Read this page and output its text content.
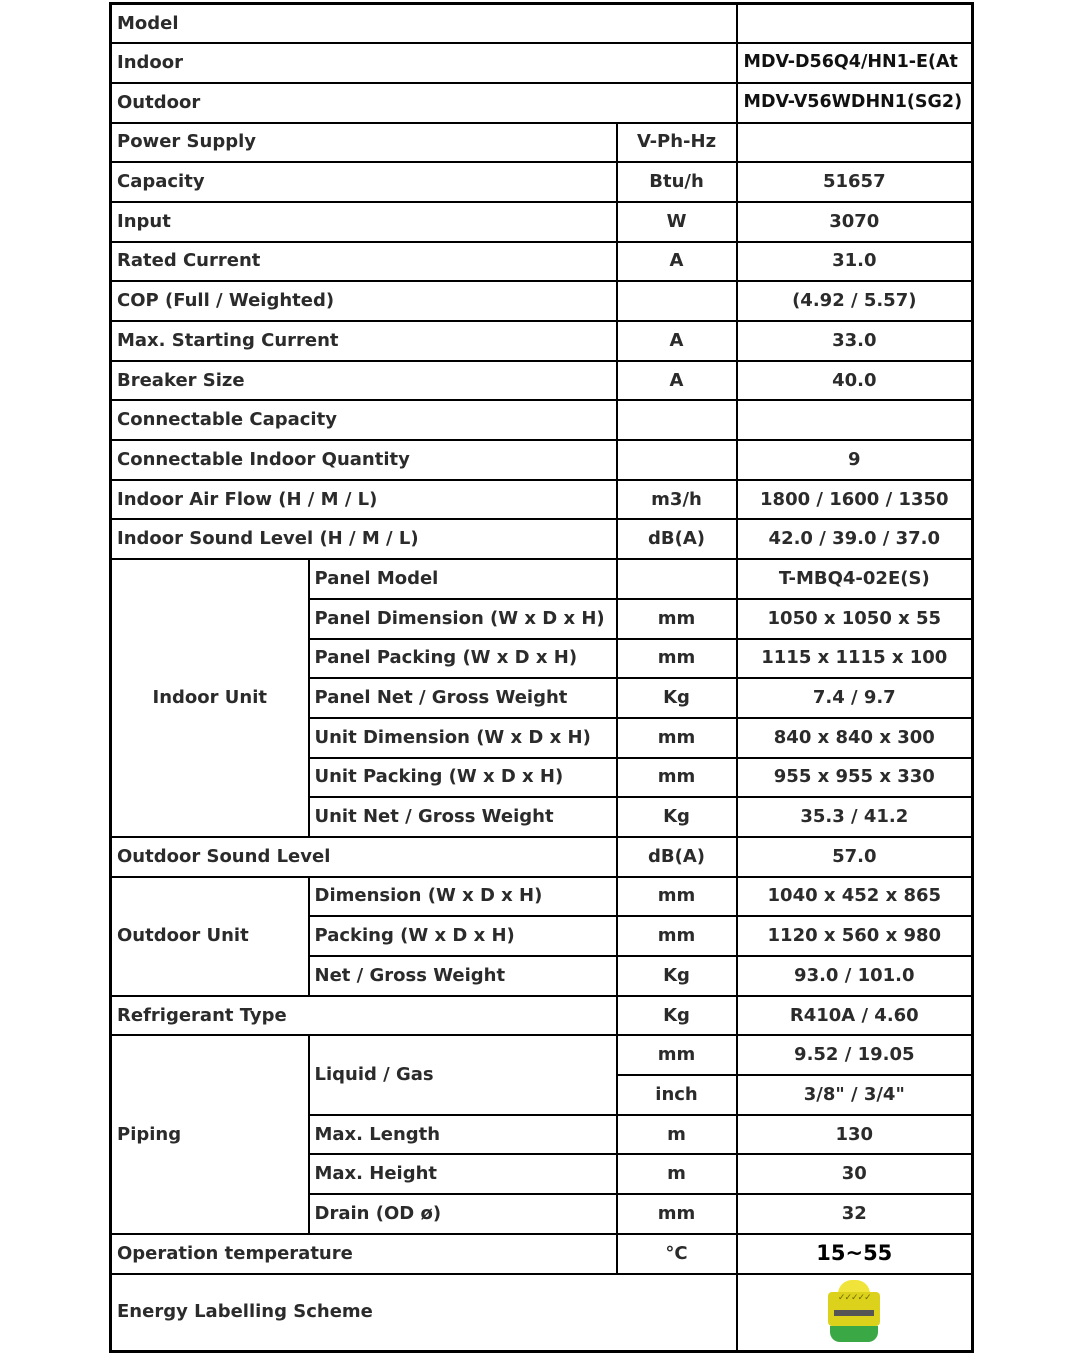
Model			
Indoor			MDV-D56Q4/HN1-E(At
Outdoor			MDV-V56WDHN1(SG2)
Power Supply		V-Ph-Hz	
Capacity		Btu/h	51657
Input		W	3070
Rated Current		A	31.0
COP (Full / Weighted)			(4.92 / 5.57)
Max. Starting Current		A	33.0
Breaker Size		A	40.0
Connectable Capacity			
Connectable Indoor Quantity			9
Indoor Air Flow (H / M / L)		m3/h	1800 / 1600 / 1350
Indoor Sound Level (H / M / L)		dB(A)	42.0 / 39.0 / 37.0
Indoor Unit	Panel Model		T-MBQ4-02E(S)
	Panel Dimension (W x D x H)	mm	1050 x 1050 x 55
	Panel Packing (W x D x H)	mm	1115 x 1115 x 100
	Panel Net / Gross Weight	Kg	7.4 / 9.7
	Unit Dimension (W x D x H)	mm	840 x 840 x 300
	Unit Packing (W x D x H)	mm	955 x 955 x 330
	Unit Net / Gross Weight	Kg	35.3 / 41.2
Outdoor Sound Level		dB(A)	57.0
Outdoor Unit	Dimension (W x D x H)	mm	1040 x 452 x 865
	Packing (W x D x H)	mm	1120 x 560 x 980
	Net / Gross Weight	Kg	93.0 / 101.0
Refrigerant Type		Kg	R410A / 4.60
Piping	Liquid / Gas	mm	9.52 / 19.05
		inch	3/8" / 3/4"
	Max. Length	m	130
	Max. Height	m	30
	Drain (OD ø)	mm	32
Operation temperature		°C	15~55
Energy Labelling Scheme			✓✓✓✓✓
